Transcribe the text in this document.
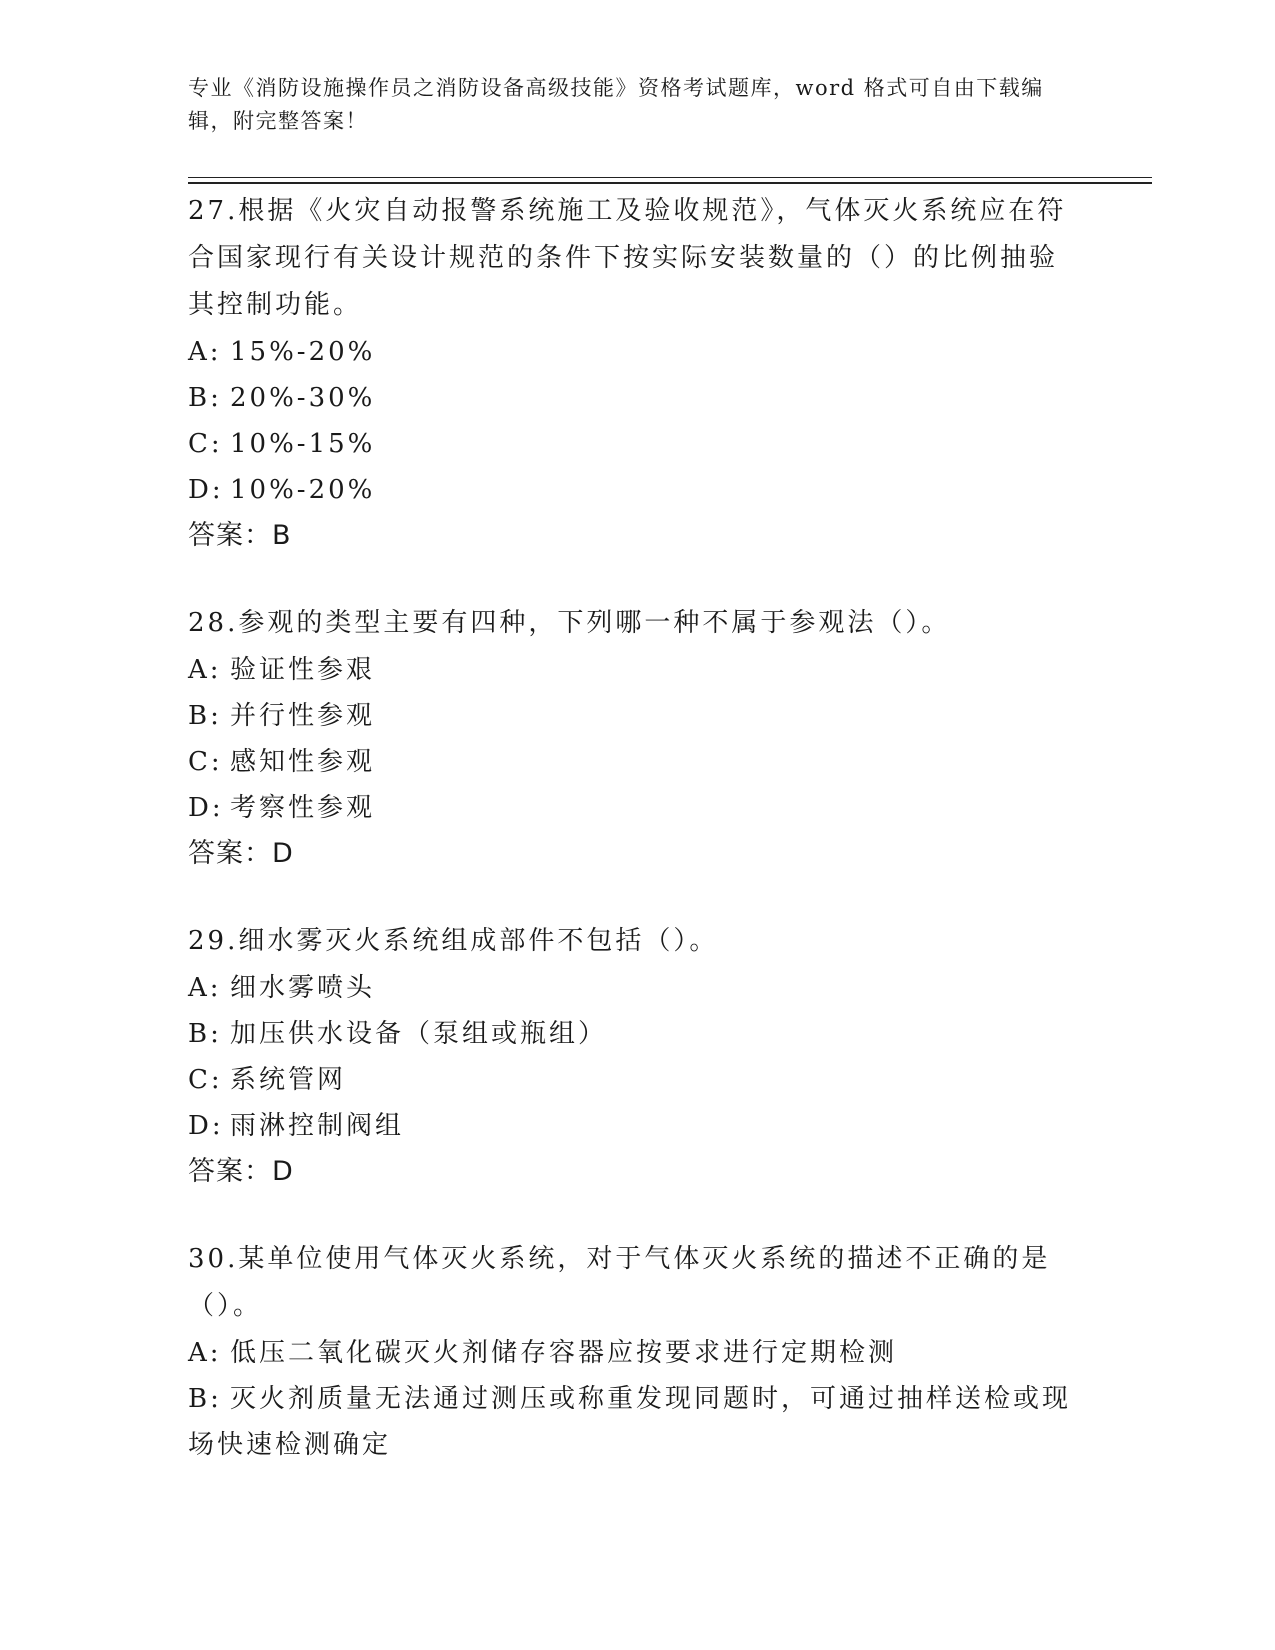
专业《消防设施操作员之消防设备高级技能》资格考试题库，word 格式可自由下载编辑，附完整答案！

27.根据《火灾自动报警系统施工及验收规范》，气体灭火系统应在符合国家现行有关设计规范的条件下按实际安装数量的（）的比例抽验其控制功能。

A: 15%-20%

B: 20%-30%

C: 10%-15%

D: 10%-20%

答案：B

28.参观的类型主要有四种，下列哪一种不属于参观法（）。

A: 验证性参艰

B: 并行性参观

C: 感知性参观

D: 考察性参观

答案：D

29.细水雾灭火系统组成部件不包括（）。

A: 细水雾喷头

B: 加压供水设备（泵组或瓶组）

C: 系统管网

D: 雨淋控制阀组

答案：D

30.某单位使用气体灭火系统，对于气体灭火系统的描述不正确的是（）。

A: 低压二氧化碳灭火剂储存容器应按要求进行定期检测

B: 灭火剂质量无法通过测压或称重发现同题时，可通过抽样送检或现场快速检测确定
